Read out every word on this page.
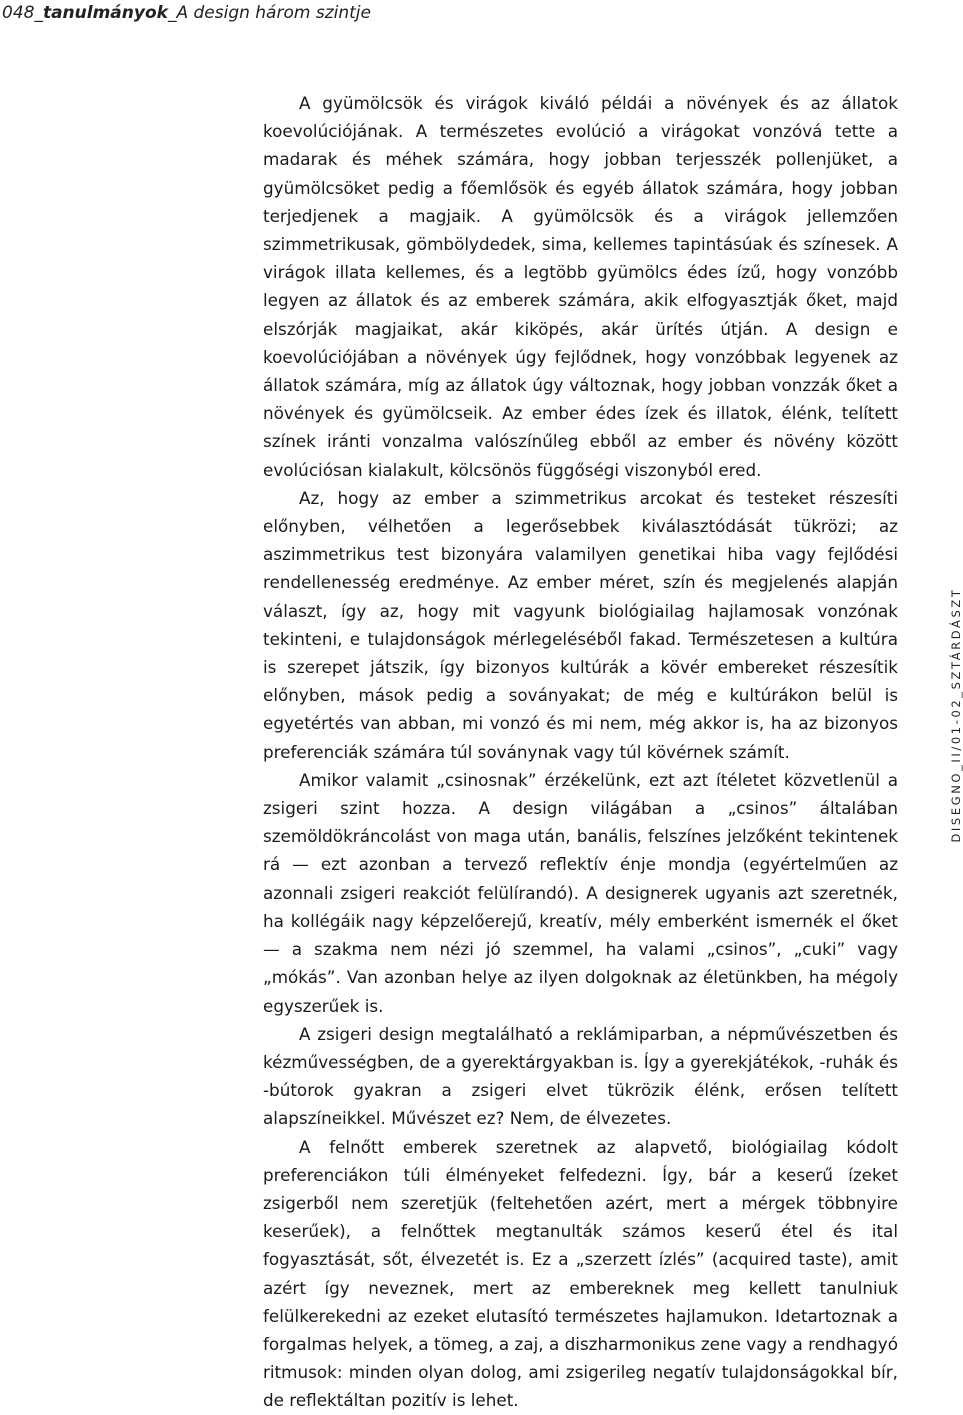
048_tanulmányok_A design három szintje

A gyümölcsök és virágok kiváló példái a növények és az állatok koevolúciójának. A természetes evolúció a virágokat vonzóvá tette a madarak és méhek számára, hogy jobban terjesszék pollenjüket, a gyümölcsöket pedig a főemlősök és egyéb állatok számára, hogy jobban terjedjenek a magjaik. A gyümölcsök és a virágok jellemzően szimmetrikusak, gömbölydedek, sima, kellemes tapintásúak és színesek. A virágok illata kellemes, és a legtöbb gyümölcs édes ízű, hogy vonzóbb legyen az állatok és az emberek számára, akik elfogyasztják őket, majd elszórják magjaikat, akár kiköpés, akár ürítés útján. A design e koevolúciójában a növények úgy fejlődnek, hogy vonzóbbak legyenek az állatok számára, míg az állatok úgy változnak, hogy jobban vonzzák őket a növények és gyümölcseik. Az ember édes ízek és illatok, élénk, telített színek iránti vonzalma valószínűleg ebből az ember és növény között evolúciósan kialakult, kölcsönös függőségi viszonyból ered.

Az, hogy az ember a szimmetrikus arcokat és testeket részesíti előnyben, vélhetően a legerősebbek kiválasztódását tükrözi; az aszimmetrikus test bizonyára valamilyen genetikai hiba vagy fejlődési rendellenesség eredménye. Az ember méret, szín és megjelenés alapján választ, így az, hogy mit vagyunk biológiailag hajlamosak vonzónak tekinteni, e tulajdonságok mérlegeléséből fakad. Természetesen a kultúra is szerepet játszik, így bizonyos kultúrák a kövér embereket részesítik előnyben, mások pedig a soványakat; de még e kultúrákon belül is egyetértés van abban, mi vonzó és mi nem, még akkor is, ha az bizonyos preferenciák számára túl soványnak vagy túl kövérnek számít.

Amikor valamit „csinosnak” érzékelünk, ezt azt ítéletet közvetlenül a zsigeri szint hozza. A design világában a „csinos” általában szemöldökráncolást von maga után, banális, felszínes jelzőként tekintenek rá — ezt azonban a tervező reflektív énje mondja (egyértelműen az azonnali zsigeri reakciót felülírandó). A designerek ugyanis azt szeretnék, ha kollégáik nagy képzelőerejű, kreatív, mély emberként ismernék el őket — a szakma nem nézi jó szemmel, ha valami „csinos”, „cuki” vagy „mókás”. Van azonban helye az ilyen dolgoknak az életünkben, ha mégoly egyszerűek is.

A zsigeri design megtalálható a reklámiparban, a népművészetben és kézművességben, de a gyerektárgyakban is. Így a gyerekjátékok, -ruhák és -bútorok gyakran a zsigeri elvet tükrözik élénk, erősen telített alapszíneikkel. Művészet ez? Nem, de élvezetes.

A felnőtt emberek szeretnek az alapvető, biológiailag kódolt preferenciákon túli élményeket felfedezni. Így, bár a keserű ízeket zsigerből nem szeretjük (feltehetően azért, mert a mérgek többnyire keserűek), a felnőttek megtanulták számos keserű étel és ital fogyasztását, sőt, élvezetét is. Ez a „szerzett ízlés” (acquired taste), amit azért így neveznek, mert az embereknek meg kellett tanulniuk felülkerekedni az ezeket elutasító természetes hajlamukon. Idetartoznak a forgalmas helyek, a tömeg, a zaj, a diszharmonikus zene vagy a rendhagyó ritmusok: minden olyan dolog, ami zsigerileg negatív tulajdonságokkal bír, de reflektáltan pozitív is lehet.

DISEGNO_II/01-02_SZTÁRDÁSZT
